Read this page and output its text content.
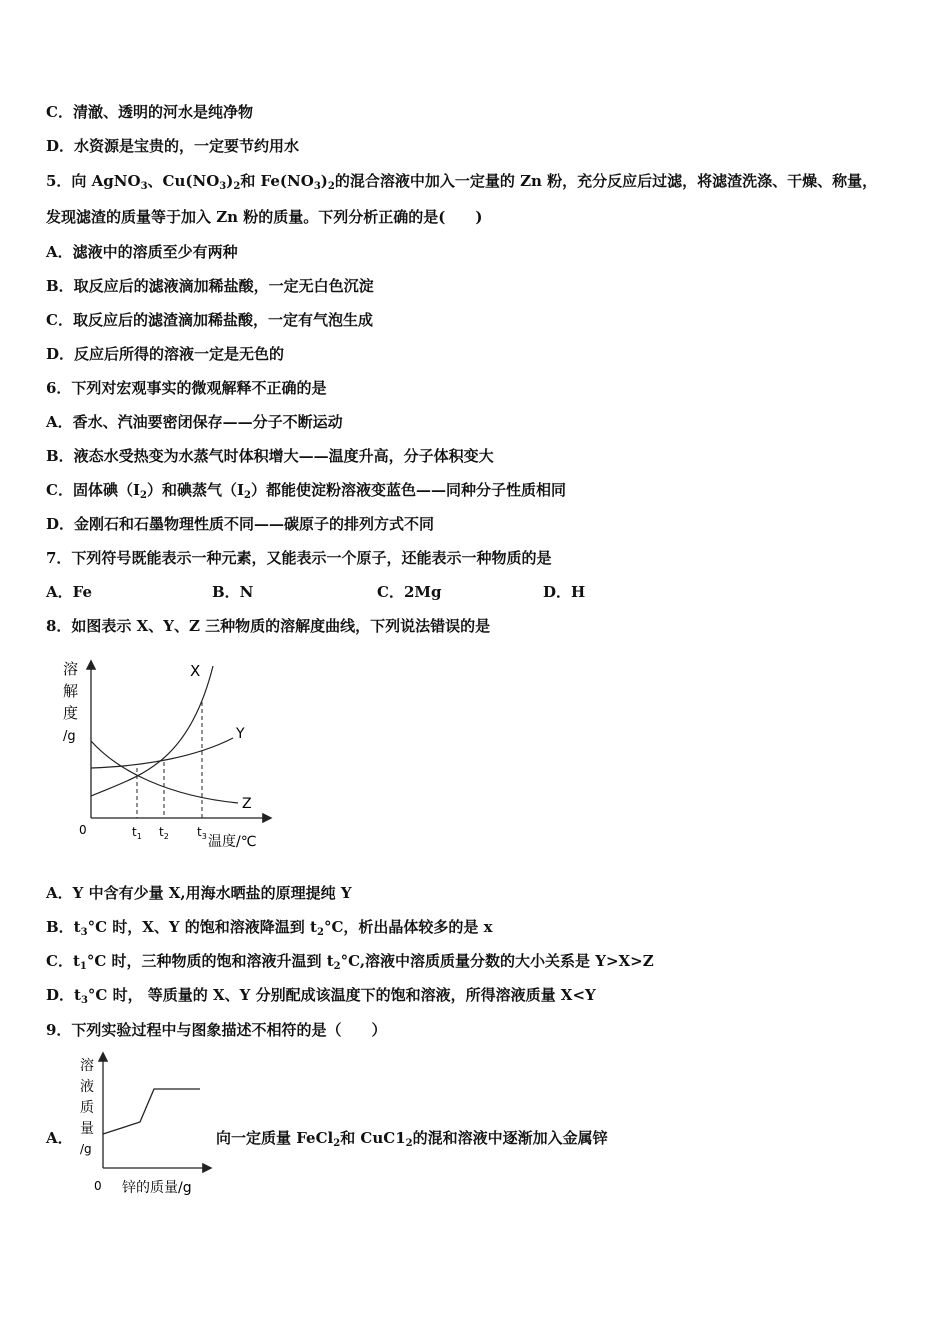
C．清澈、透明的河水是纯净物
D．水资源是宝贵的，一定要节约用水
5．向 AgNO$_3$、$Cu(NO_3)_2$和 $Fe(NO_3)_2$的混合溶液中加入一定量的 Zn 粉，充分反应后过滤，将滤渣洗涤、干燥、称量，
发现滤渣的质量等于加入 Zn 粉的质量。下列分析正确的是(　　)
A．滤液中的溶质至少有两种
B．取反应后的滤液滴加稀盐酸，一定无白色沉淀
C．取反应后的滤渣滴加稀盐酸，一定有气泡生成
D．反应后所得的溶液一定是无色的
6．下列对宏观事实的微观解释不正确的是
A．香水、汽油要密闭保存——分子不断运动
B．液态水受热变为水蒸气时体积增大——温度升高，分子体积变大
C．固体碘$(I_2)$和碘蒸气$(I_2)$都能使淀粉溶液变蓝色——同种分子性质相同
D．金刚石和石墨物理性质不同——碳原子的排列方式不同
7．下列符号既能表示一种元素，又能表示一个原子，还能表示一种物质的是
A．Fe	B．N	C．2Mg	D．H
8．如图表示 X、Y、Z 三种物质的溶解度曲线，下列说法错误的是
溶
解
度
/g
0	$t_1$ $t_2$ $t_3$ 温度/℃
X
Y
Z
A．Y 中含有少量 X,用海水晒盐的原理提纯 Y
B．$t_3^\circ C$ 时，X、Y 的饱和溶液降温到 $t_2^\circ C$，析出晶体较多的是 x
C．$t_1^\circ C$ 时，三种物质的饱和溶液升温到 $t_2^\circ C$,溶液中溶质质量分数的大小关系是 Y>X>Z
D．$t_3^\circ C$ 时， 等质量的 X、Y 分别配成该温度下的饱和溶液，所得溶液质量 X<Y
9．下列实验过程中与图象描述不相符的是（　　）
A．
溶
液
质
量
/g
0 锌的质量/g
向一定质量 FeCl$_2$和 $CuC1_2$的混和溶液中逐渐加入金属锌
